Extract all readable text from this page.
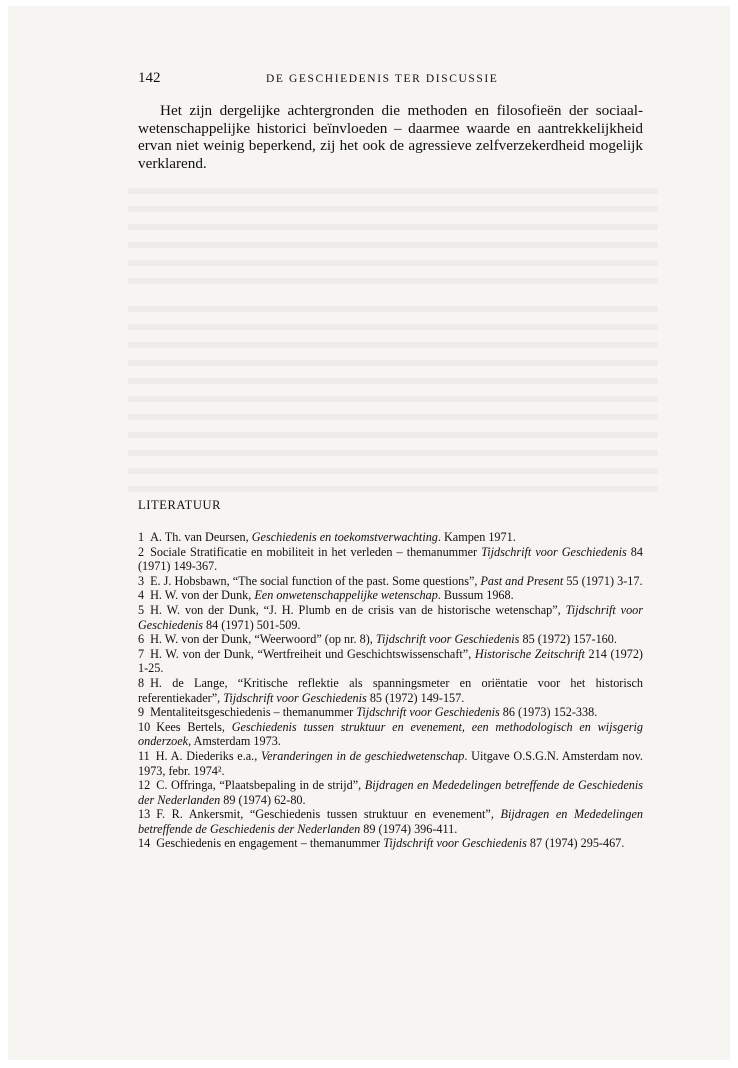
142	DE GESCHIEDENIS TER DISCUSSIE

Het zijn dergelijke achtergronden die methoden en filosofieën der sociaal-wetenschappelijke historici beïnvloeden – daarmee waarde en aantrekkelijkheid ervan niet weinig beperkend, zij het ook de agressieve zelfverzekerdheid mogelijk verklarend.

LITERATUUR
1 A. Th. van Deursen, Geschiedenis en toekomstverwachting. Kampen 1971.
2 Sociale Stratificatie en mobiliteit in het verleden – themanummer Tijdschrift voor Geschiedenis 84 (1971) 149-367.
3 E. J. Hobsbawn, “The social function of the past. Some questions”, Past and Present 55 (1971) 3-17.
4 H. W. von der Dunk, Een onwetenschappelijke wetenschap. Bussum 1968.
5 H. W. von der Dunk, “J. H. Plumb en de crisis van de historische wetenschap”, Tijdschrift voor Geschiedenis 84 (1971) 501-509.
6 H. W. von der Dunk, “Weerwoord” (op nr. 8), Tijdschrift voor Geschiedenis 85 (1972) 157-160.
7 H. W. von der Dunk, “Wertfreiheit und Geschichtswissenschaft”, Historische Zeitschrift 214 (1972) 1-25.
8 H. de Lange, “Kritische reflektie als spanningsmeter en oriëntatie voor het historisch referentiekader”, Tijdschrift voor Geschiedenis 85 (1972) 149-157.
9 Mentaliteitsgeschiedenis – themanummer Tijdschrift voor Geschiedenis 86 (1973) 152-338.
10 Kees Bertels, Geschiedenis tussen struktuur en evenement, een methodologisch en wijsgerig onderzoek, Amsterdam 1973.
11 H. A. Diederiks e.a., Veranderingen in de geschiedwetenschap. Uitgave O.S.G.N. Amsterdam nov. 1973, febr. 1974².
12 C. Offringa, “Plaatsbepaling in de strijd”, Bijdragen en Mededelingen betreffende de Geschiedenis der Nederlanden 89 (1974) 62-80.
13 F. R. Ankersmit, “Geschiedenis tussen struktuur en evenement”, Bijdragen en Mededelingen betreffende de Geschiedenis der Nederlanden 89 (1974) 396-411.
14 Geschiedenis en engagement – themanummer Tijdschrift voor Geschiedenis 87 (1974) 295-467.
